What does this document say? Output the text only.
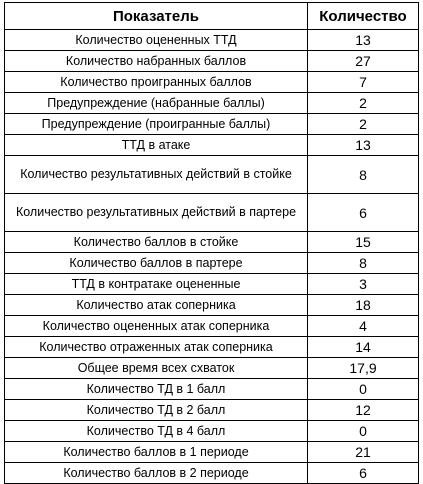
Показатель	Количество
Количество оцененных ТТД	13
Количество набранных баллов	27
Количество проигранных баллов	7
Предупреждение (набранные баллы)	2
Предупреждение (проигранные баллы)	2
ТТД в атаке	13
Количество результативных действий в стойке	8
Количество результативных действий в партере	6
Количество баллов в стойке	15
Количество баллов в партере	8
ТТД в контратаке оцененные	3
Количество атак соперника	18
Количество оцененных атак соперника	4
Количество отраженных атак соперника	14
Общее время всех схваток	17,9
Количество ТД в 1 балл	0
Количество ТД в 2 балл	12
Количество ТД в 4 балл	0
Количество баллов в 1 периоде	21
Количество баллов в 2 периоде	6
